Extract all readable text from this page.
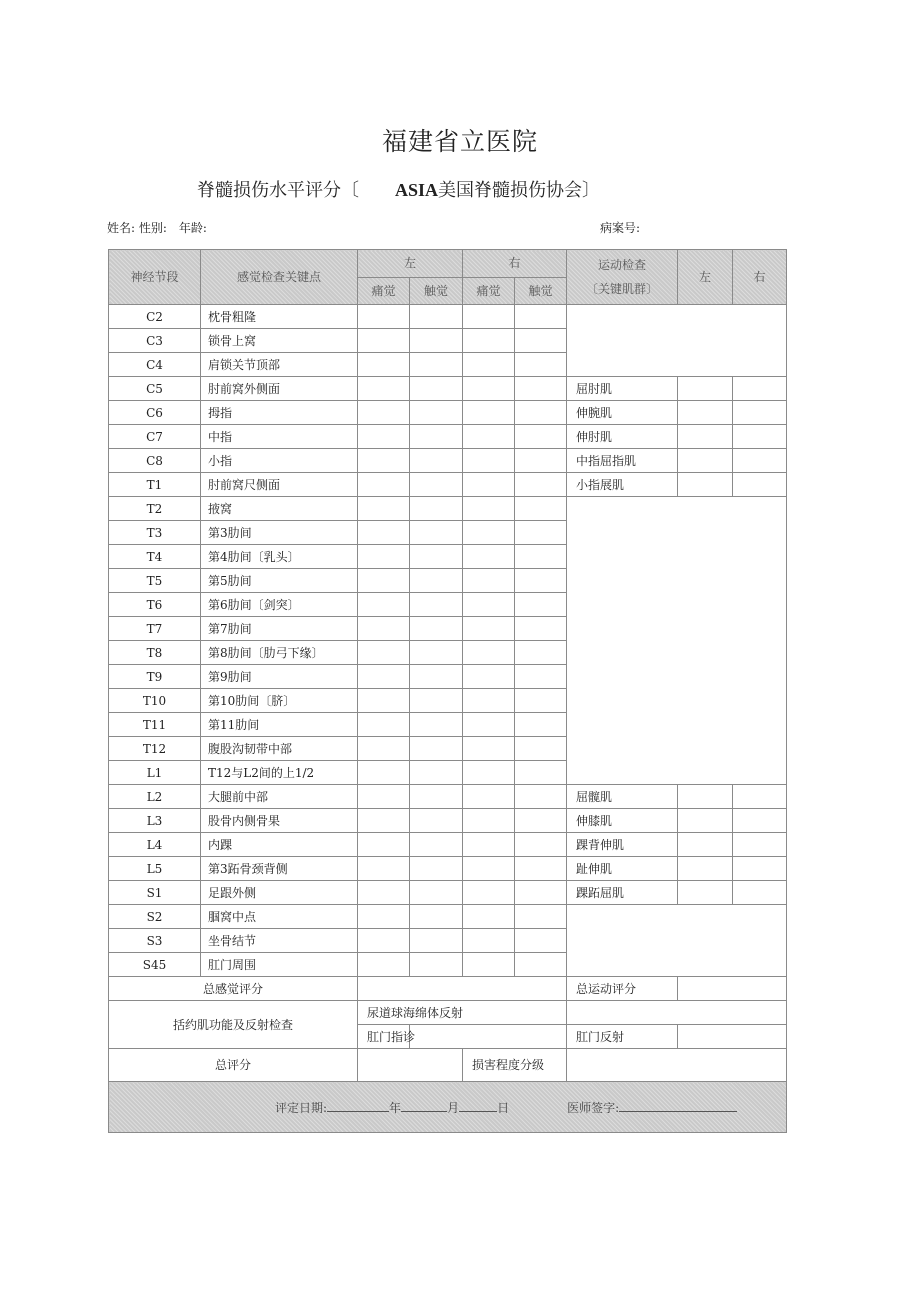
福建省立医院
脊髓损伤水平评分〔　　 ASIA美国脊髓损伤协会〕
姓名: 性别:　年龄:	病案号:
神经节段	感觉检查关键点	左		右		运动检查
〔关键肌群〕	左	右
		痛觉	触觉	痛觉	触觉			
C2	枕骨粗隆							
C3	锁骨上窝							
C4	肩锁关节顶部							
C5	肘前窝外侧面					屈肘肌		
C6	拇指					伸腕肌		
C7	中指					伸肘肌		
C8	小指					中指屈指肌		
T1	肘前窝尺侧面					小指展肌		
T2	掖窝							
T3	第3肋间							
T4	第4肋间〔乳头〕							
T5	第5肋间							
T6	第6肋间〔剑突〕							
T7	第7肋间							
T8	第8肋间〔肋弓下缘〕							
T9	第9肋间							
T10	第10肋间〔脐〕							
T11	第11肋间							
T12	腹股沟韧带中部							
L1	T12与L2间的上1/2							
L2	大腿前中部					屈髋肌		
L3	股骨内侧骨果					伸膝肌		
L4	内踝					踝背伸肌		
L5	第3跖骨颈背侧					趾伸肌		
S1	足跟外侧					踝跖屈肌		
S2	腘窝中点							
S3	坐骨结节							
S45	肛门周围							
总感觉评分						总运动评分		
括约肌功能及反射检查		尿道球海绵体反射						
		肛门指诊				肛门反射		
总评分				损害程度分级				
评定日期: 年 月 日 医师签字:								
